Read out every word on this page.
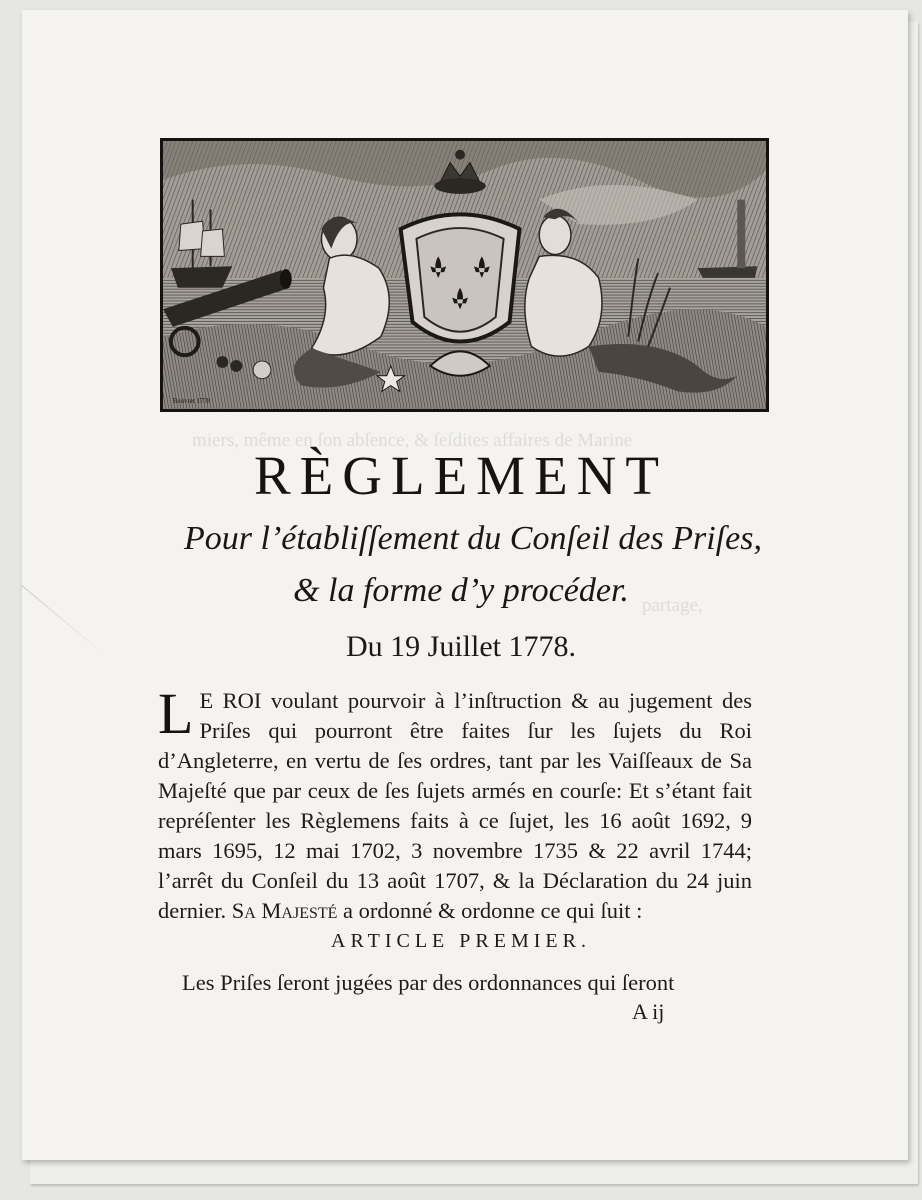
miers, même en ſon abſence, & ſeſdites affaires de Marine
partage,
Beuvret 1778
RÈGLEMENT

Pour l’établiſſement du Conſeil des Priſes,

& la forme d’y procéder.

Du 19 Juillet 1778.
L E ROI voulant pourvoir à l’inſtruction & au jugement des Priſes qui pourront être faites ſur les ſujets du Roi d’Angleterre, en vertu de ſes ordres, tant par les Vaiſſeaux de Sa Majeſté que par ceux de ſes ſujets armés en courſe: Et s’étant fait repréſenter les Règlemens faits à ce ſujet, les 16 août 1692, 9 mars 1695, 12 mai 1702, 3 novembre 1735 & 22 avril 1744; l’arrêt du Conſeil du 13 août 1707, & la Déclaration du 24 juin dernier. Sa Majesté a ordonné & ordonne ce qui ſuit :
ARTICLE PREMIER.
Les Priſes ſeront jugées par des ordonnances qui ſeront
A ij
